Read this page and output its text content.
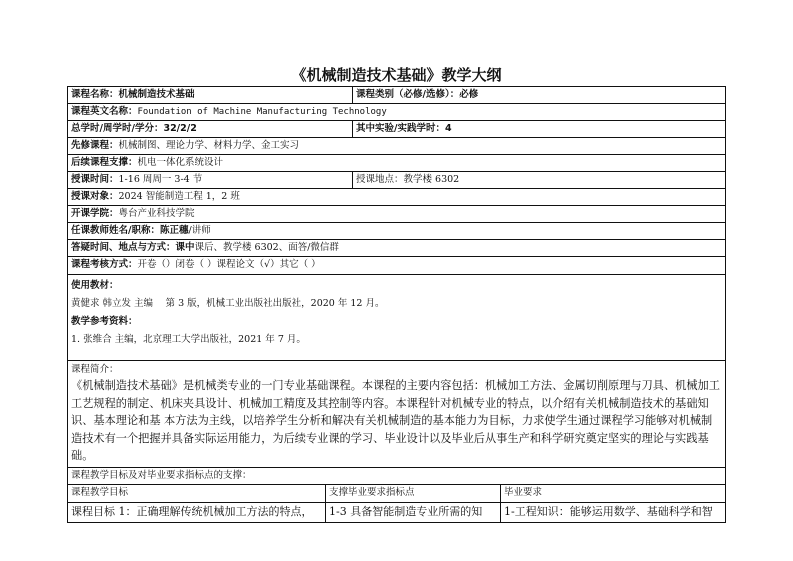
《机械制造技术基础》教学大纲
课程名称：机械制造技术基础	课程类别（必修/选修）：必修
课程英文名称：Foundation of Machine Manufacturing Technology
总学时/周学时/学分：32/2/2	其中实验/实践学时：4
先修课程：机械制图、理论力学、材料力学、金工实习
后续课程支撑：机电一体化系统设计
授课时间：1-16 周周一 3-4 节	授课地点：教学楼 6302
授课对象：2024 智能制造工程 1，2 班
开课学院：粤台产业科技学院
任课教师姓名/职称：陈正穗/讲师
答疑时间、地点与方式：课中课后、教学楼 6302、面答/微信群
课程考核方式：开卷（）闭卷（ ）课程论文（√）其它（ ）

使用教材：

黄健求 韩立发 主编　 第 3 版，机械工业出版社出版社，2020 年 12 月。

教学参考资料：

1. 张维合 主编，北京理工大学出版社，2021 年 7 月。

课程简介：
《机械制造技术基础》是机械类专业的一门专业基础课程。本课程的主要内容包括：机械加工方法、金属切削原理与刀具、机械加工工艺规程的制定、机床夹具设计、机械加工精度及其控制等内容。本课程针对机械专业的特点，以介绍有关机械制造技术的基础知识、基本理论和基 本方法为主线，以培养学生分析和解决有关机械制造的基本能力为目标，力求使学生通过课程学习能够对机械制造技术有一个把握并具备实际运用能力，为后续专业课的学习、毕业设计以及毕业后从事生产和科学研究奠定坚实的理论与实践基础。
课程教学目标及对毕业要求指标点的支撑：
课程教学目标	支撑毕业要求指标点	毕业要求
课程目标 1：正确理解传统机械加工方法的特点，	1-3 具备智能制造专业所需的知	1-工程知识：能够运用数学、基础科学和智
